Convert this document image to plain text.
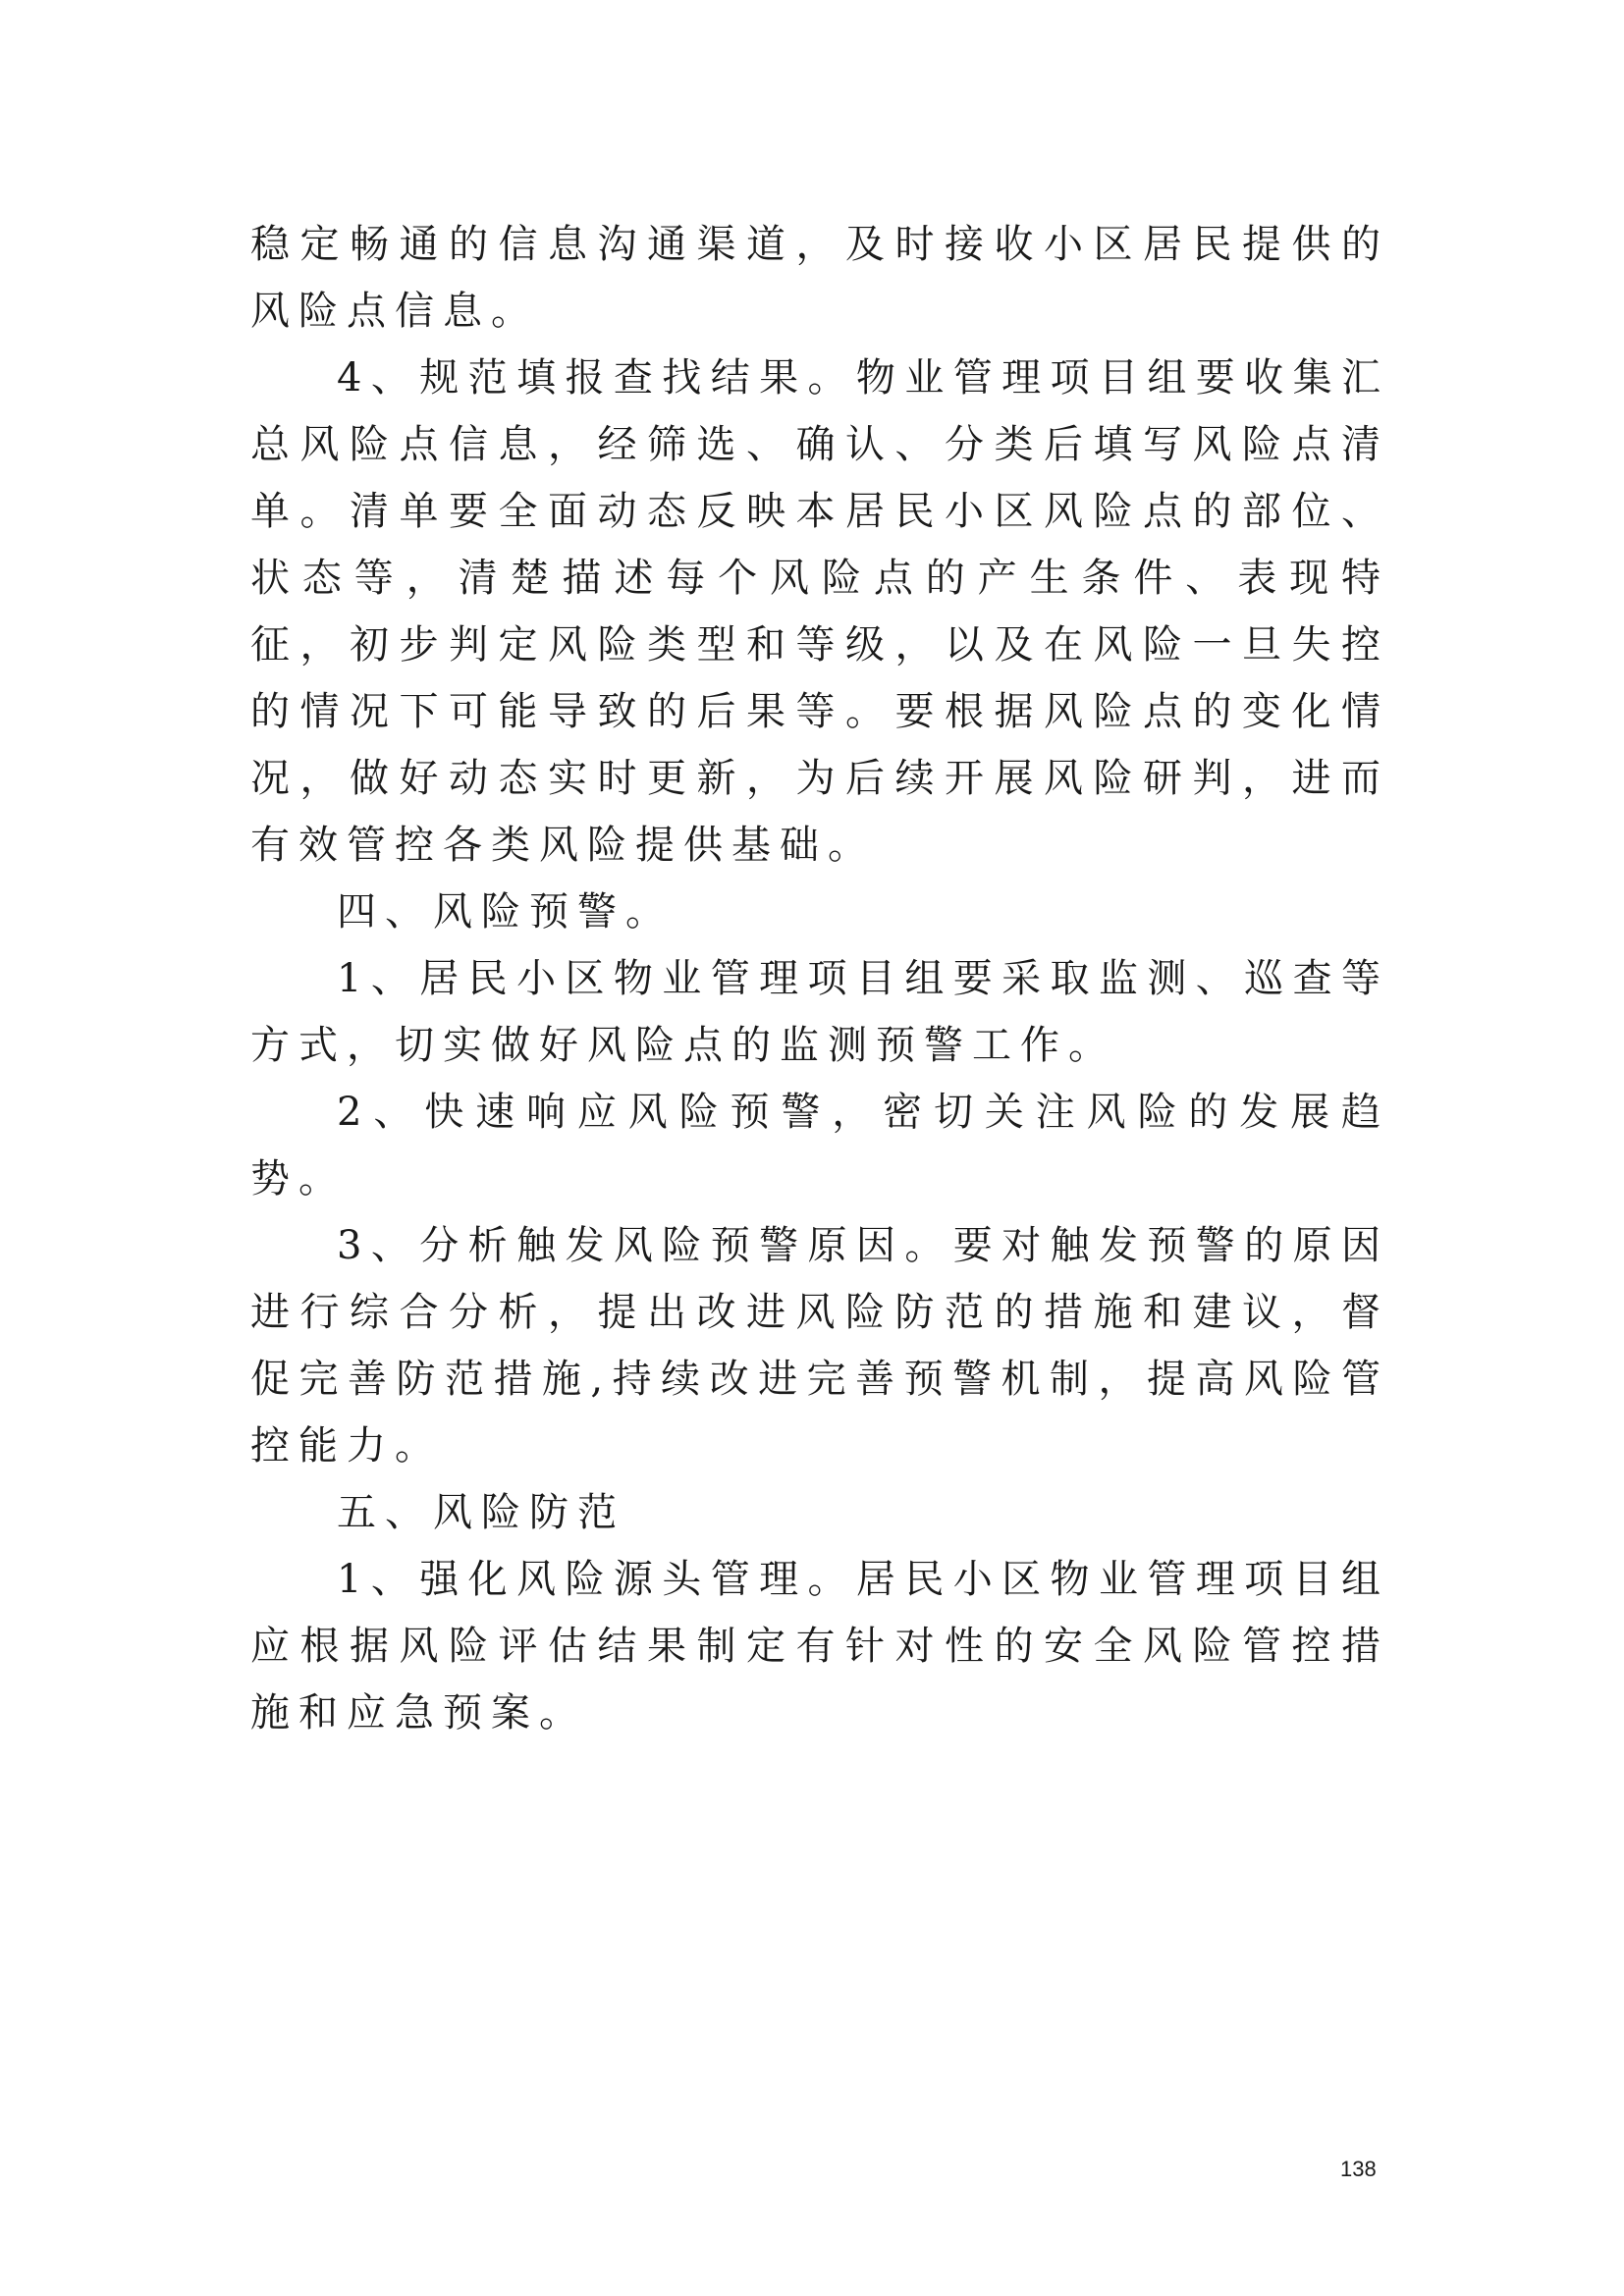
稳定畅通的信息沟通渠道，及时接收小区居民提供的风险点信息。

4、规范填报查找结果。物业管理项目组要收集汇总风险点信息，经筛选、确认、分类后填写风险点清单。清单要全面动态反映本居民小区风险点的部位、状态等，清楚描述每个风险点的产生条件、表现特征，初步判定风险类型和等级，以及在风险一旦失控的情况下可能导致的后果等。要根据风险点的变化情况，做好动态实时更新，为后续开展风险研判，进而有效管控各类风险提供基础。

四、风险预警。

1、居民小区物业管理项目组要采取监测、巡查等方式，切实做好风险点的监测预警工作。

2、快速响应风险预警，密切关注风险的发展趋势。

3、分析触发风险预警原因。要对触发预警的原因进行综合分析，提出改进风险防范的措施和建议，督促完善防范措施,持续改进完善预警机制，提高风险管控能力。

五、风险防范

1、强化风险源头管理。居民小区物业管理项目组应根据风险评估结果制定有针对性的安全风险管控措施和应急预案。

138
